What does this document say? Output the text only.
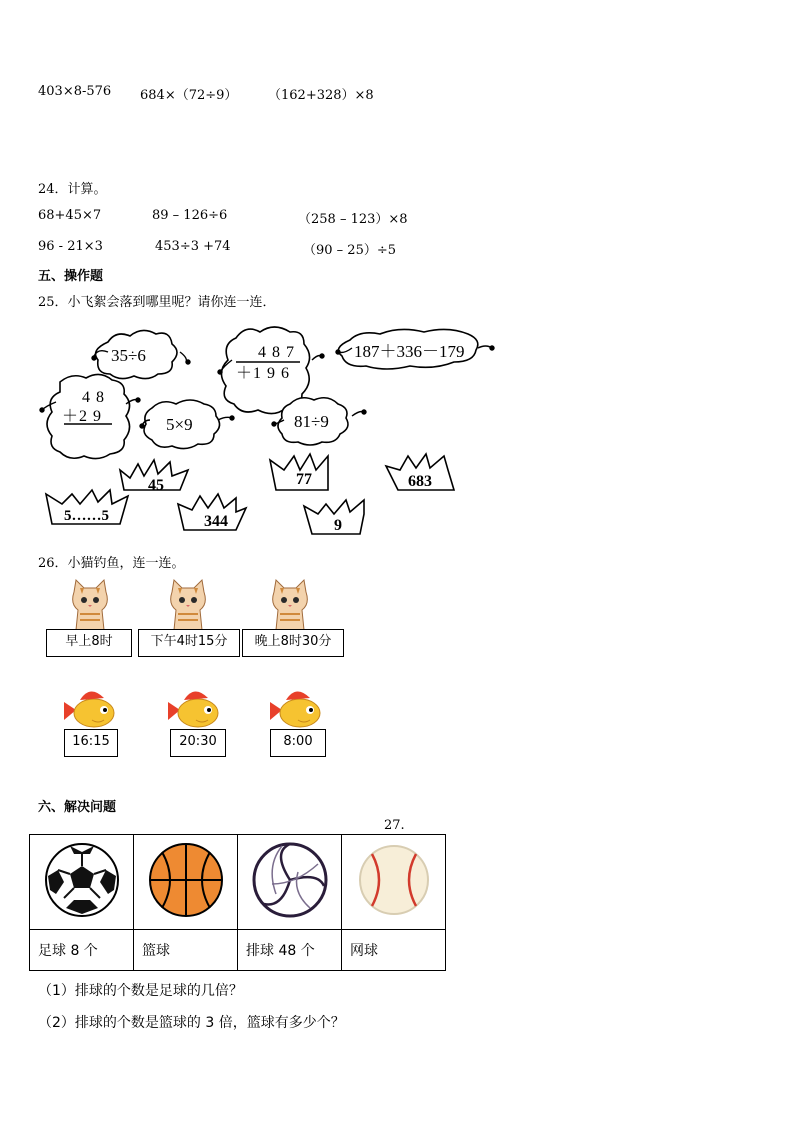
403×8-576 684×（72÷9） （162+328）×8
24．计算。
68+45×7	89 – 126÷6	（258 – 123）×8
96 - 21×3	453÷3 +74	（90 – 25）÷5
五、操作题
25．小飞絮会落到哪里呢？请你连一连．
35÷6	4 8 7
＋1 9 6
187＋336－179
4 8
＋2 9	5×9	81÷9
45	77	683
5……5	344	9
26．小猫钓鱼，连一连。
早上8时	下午4时15分	晚上8时30分
16:15	20:30	8:00
六、解决问题
27.

足球 8 个	篮球	排球 48 个	网球
（1）排球的个数是足球的几倍？
（2）排球的个数是篮球的 3 倍，篮球有多少个？
